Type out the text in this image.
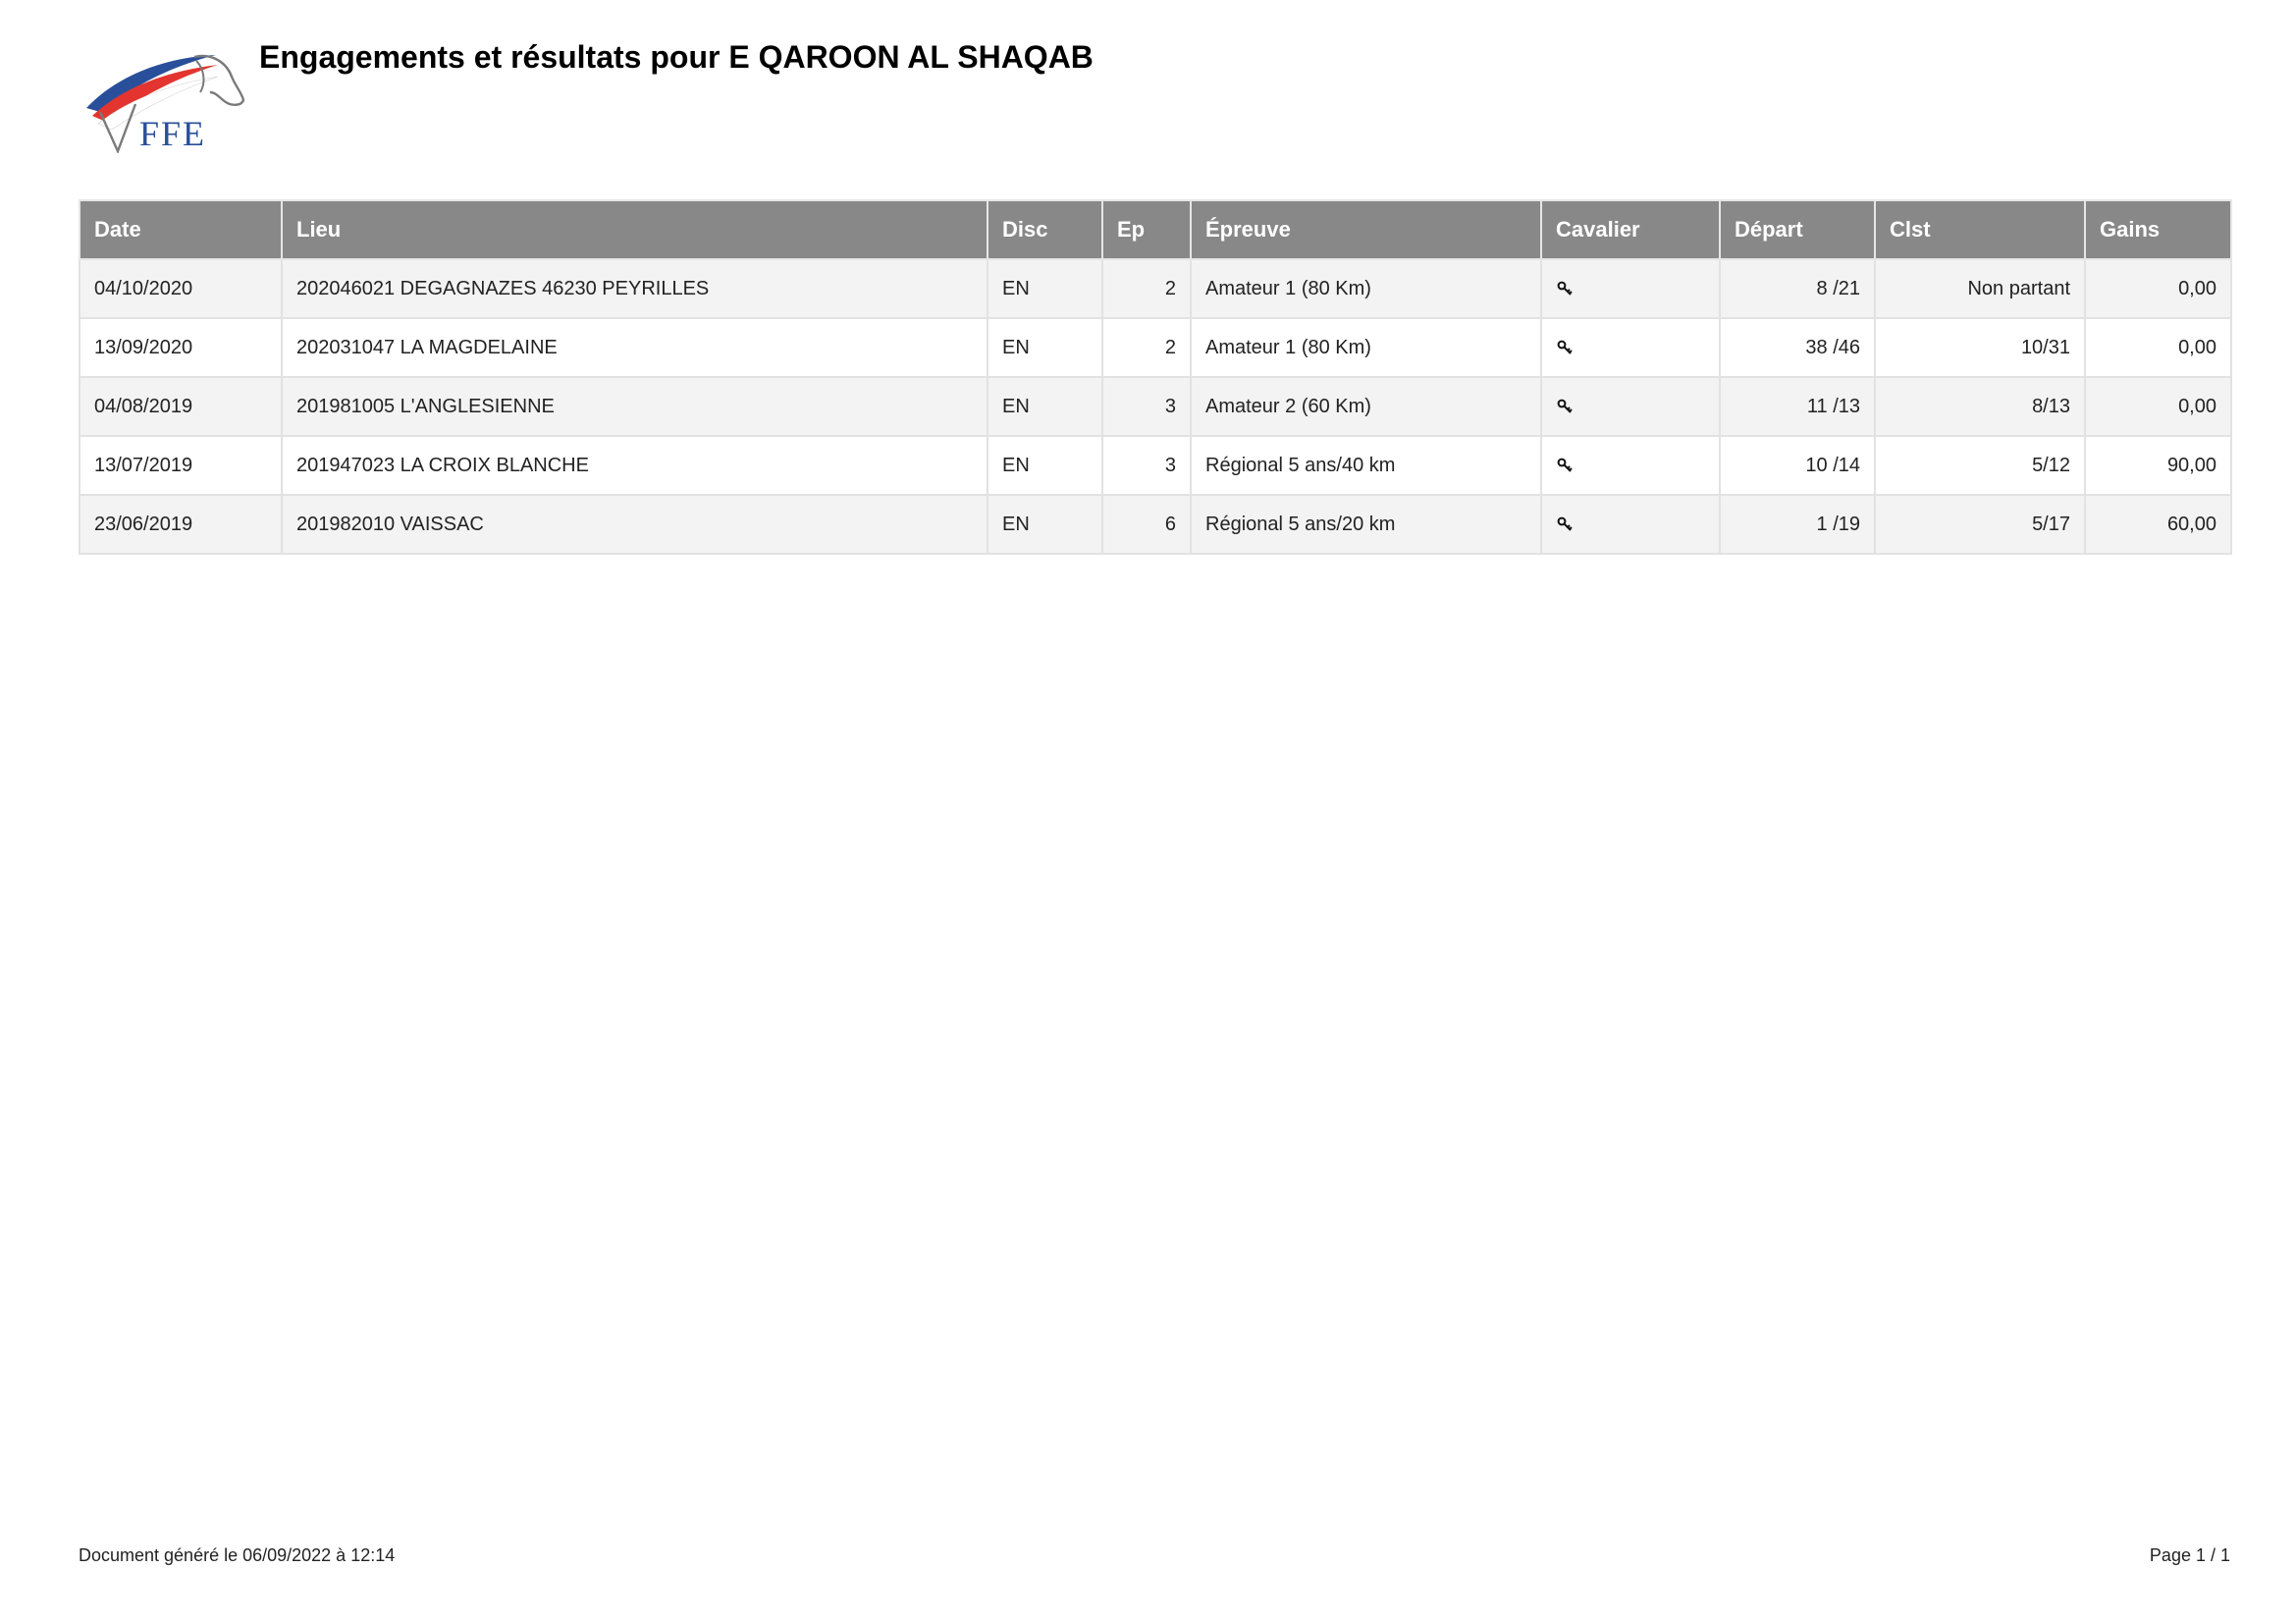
FFE
Engagements et résultats pour E QAROON AL SHAQAB
Date	Lieu	Disc	Ep	Épreuve	Cavalier	Départ	Clst	Gains
04/10/2020	202046021 DEGAGNAZES 46230 PEYRILLES	EN	2	Amateur 1 (80 Km)		8 /21	Non partant	0,00
13/09/2020	202031047 LA MAGDELAINE	EN	2	Amateur 1 (80 Km)		38 /46	10/31	0,00
04/08/2019	201981005 L'ANGLESIENNE	EN	3	Amateur 2 (60 Km)		11 /13	8/13	0,00
13/07/2019	201947023 LA CROIX BLANCHE	EN	3	Régional 5 ans/40 km		10 /14	5/12	90,00
23/06/2019	201982010 VAISSAC	EN	6	Régional 5 ans/20 km		1 /19	5/17	60,00
Document généré le 06/09/2022 à 12:14	Page 1 / 1
